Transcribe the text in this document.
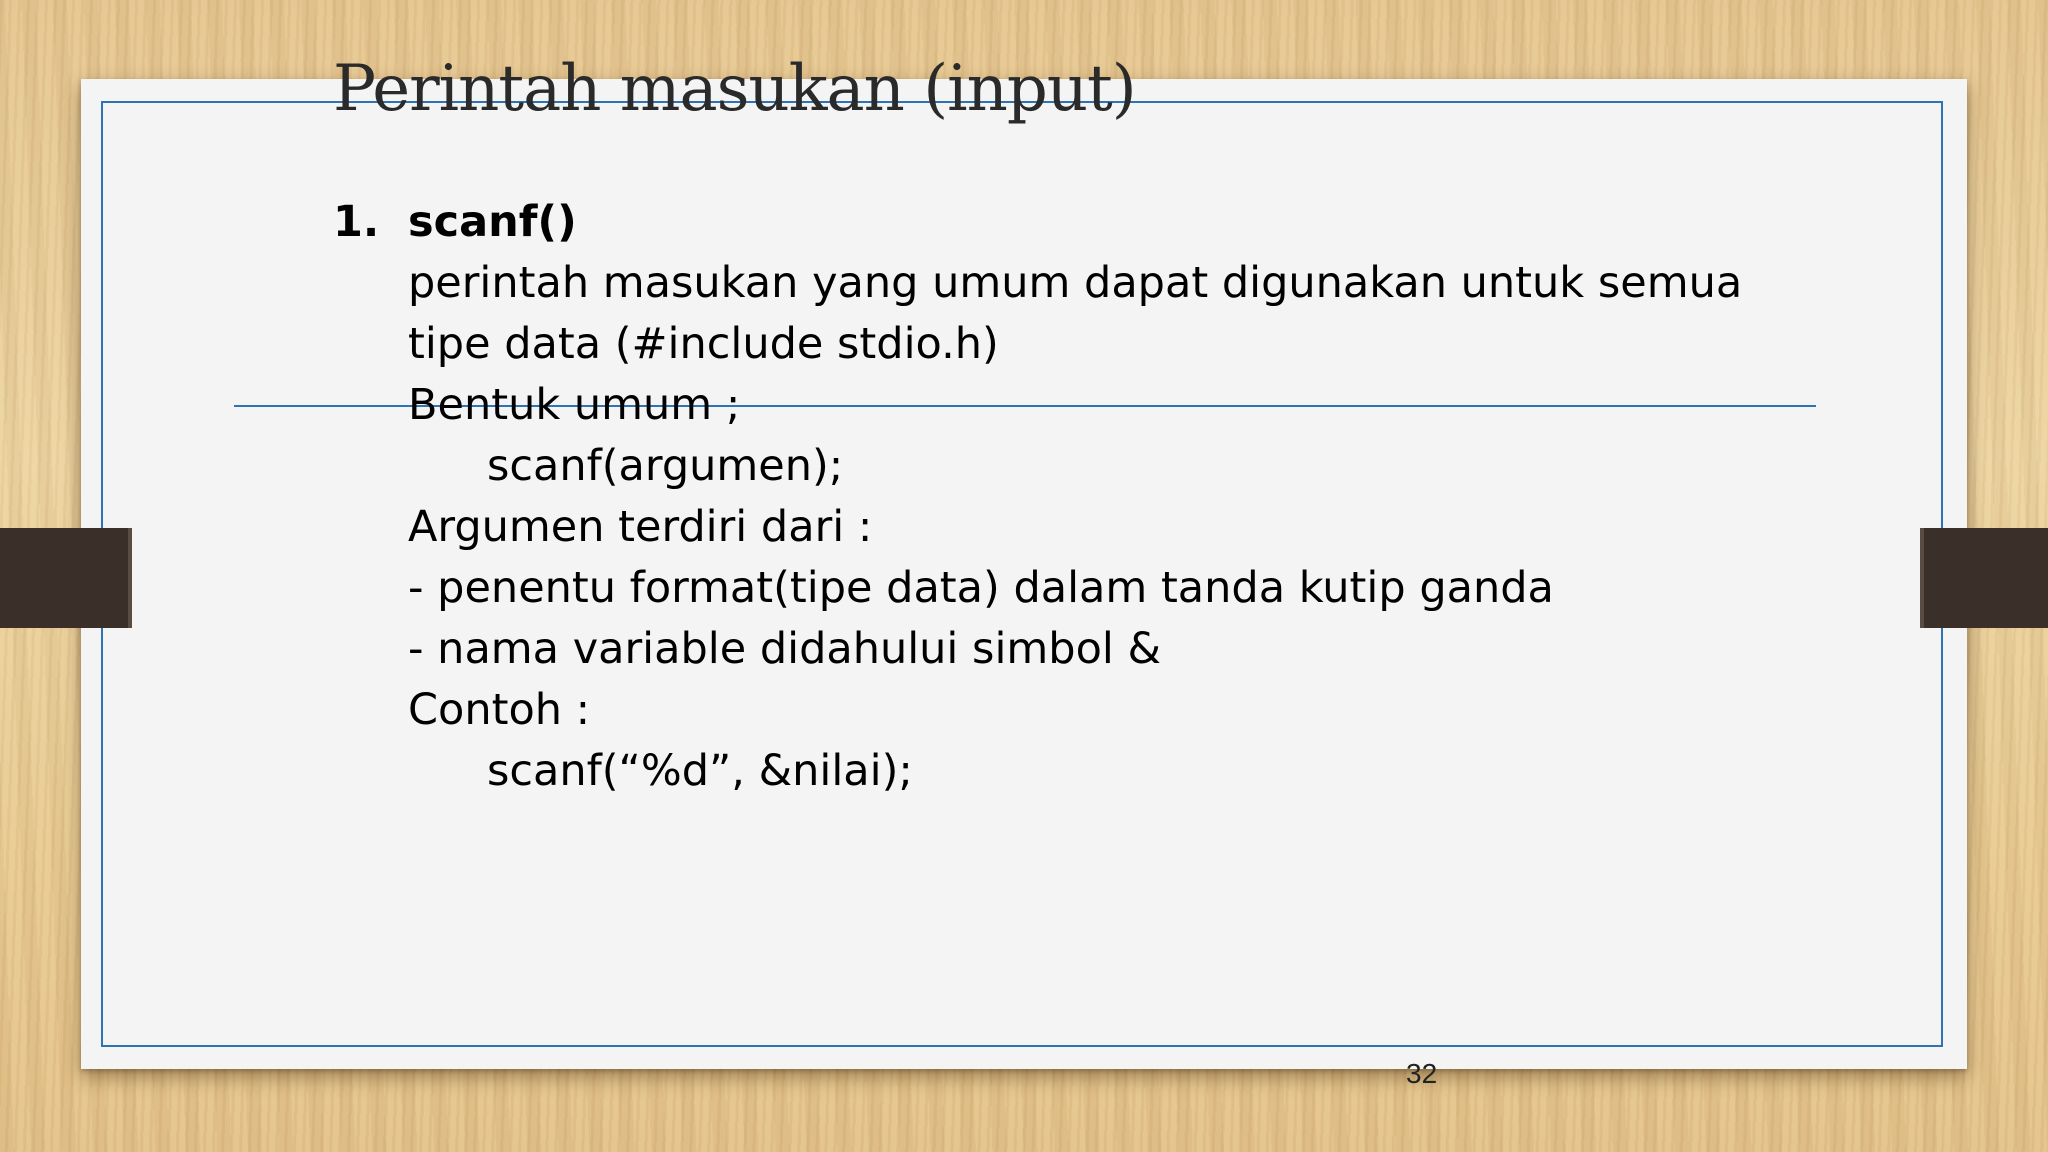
Perintah masukan (input)
1. scanf()
perintah masukan yang umum dapat digunakan untuk semua
tipe data (#include stdio.h)
Bentuk umum ;
scanf(argumen);
Argumen terdiri dari :
- penentu format(tipe data) dalam tanda kutip ganda
- nama variable didahului simbol &
Contoh :
scanf(“%d”, &nilai);
32
